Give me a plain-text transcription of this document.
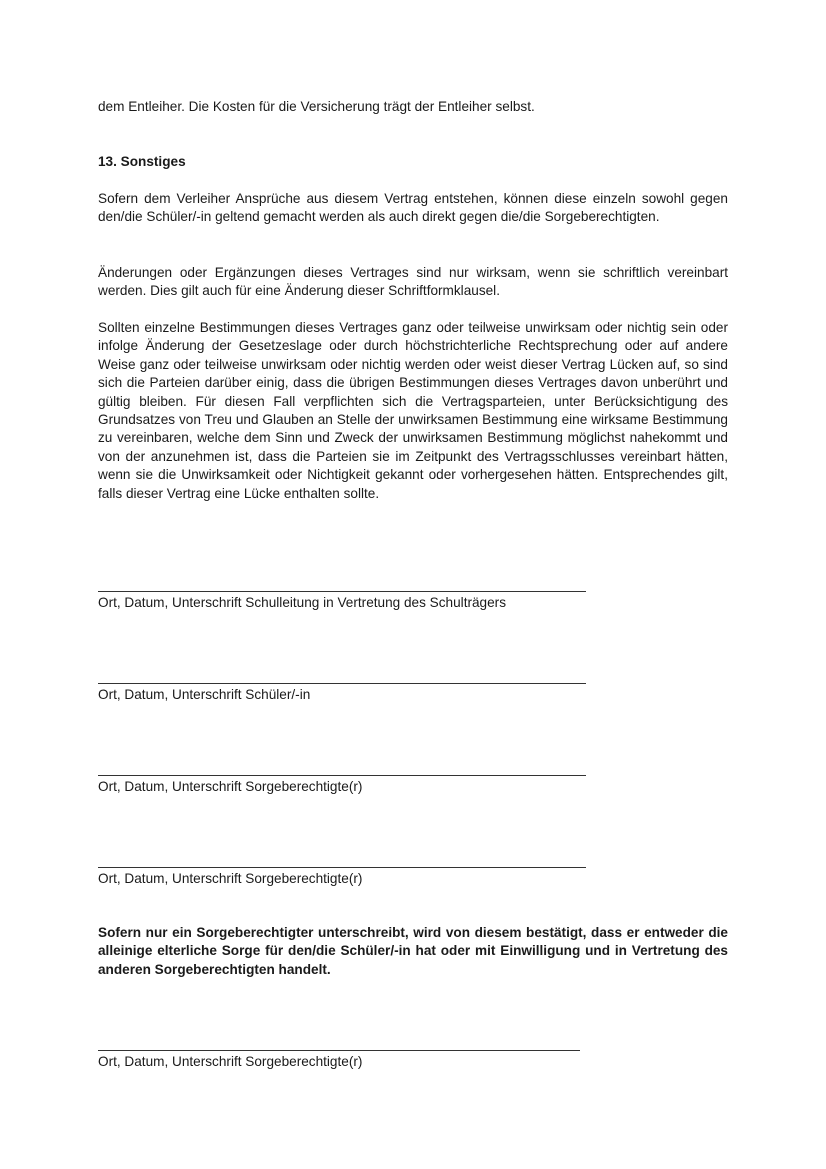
dem Entleiher. Die Kosten für die Versicherung trägt der Entleiher selbst.

13. Sonstiges

Sofern dem Verleiher Ansprüche aus diesem Vertrag entstehen, können diese einzeln sowohl gegen den/die Schüler/-in geltend gemacht werden als auch direkt gegen die/die Sorgeberechtigten.

Änderungen oder Ergänzungen dieses Vertrages sind nur wirksam, wenn sie schriftlich vereinbart werden. Dies gilt auch für eine Änderung dieser Schriftformklausel.

Sollten einzelne Bestimmungen dieses Vertrages ganz oder teilweise unwirksam oder nichtig sein oder infolge Änderung der Gesetzeslage oder durch höchstrichterliche Rechtsprechung oder auf andere Weise ganz oder teilweise unwirksam oder nichtig werden oder weist dieser Vertrag Lücken auf, so sind sich die Parteien darüber einig, dass die übrigen Bestimmungen dieses Vertrages davon unberührt und gültig bleiben. Für diesen Fall verpflichten sich die Vertragsparteien, unter Berücksichtigung des Grundsatzes von Treu und Glauben an Stelle der unwirksamen Bestimmung eine wirksame Bestimmung zu vereinbaren, welche dem Sinn und Zweck der unwirksamen Bestimmung möglichst nahekommt und von der anzunehmen ist, dass die Parteien sie im Zeitpunkt des Vertragsschlusses vereinbart hätten, wenn sie die Unwirksamkeit oder Nichtigkeit gekannt oder vorhergesehen hätten. Entsprechendes gilt, falls dieser Vertrag eine Lücke enthalten sollte.

Ort, Datum, Unterschrift Schulleitung in Vertretung des Schulträgers

Ort, Datum, Unterschrift Schüler/-in

Ort, Datum, Unterschrift Sorgeberechtigte(r)

Ort, Datum, Unterschrift Sorgeberechtigte(r)

Sofern nur ein Sorgeberechtigter unterschreibt, wird von diesem bestätigt, dass er entweder die alleinige elterliche Sorge für den/die Schüler/-in hat oder mit Einwilligung und in Vertretung des anderen Sorgeberechtigten handelt.

Ort, Datum, Unterschrift Sorgeberechtigte(r)
